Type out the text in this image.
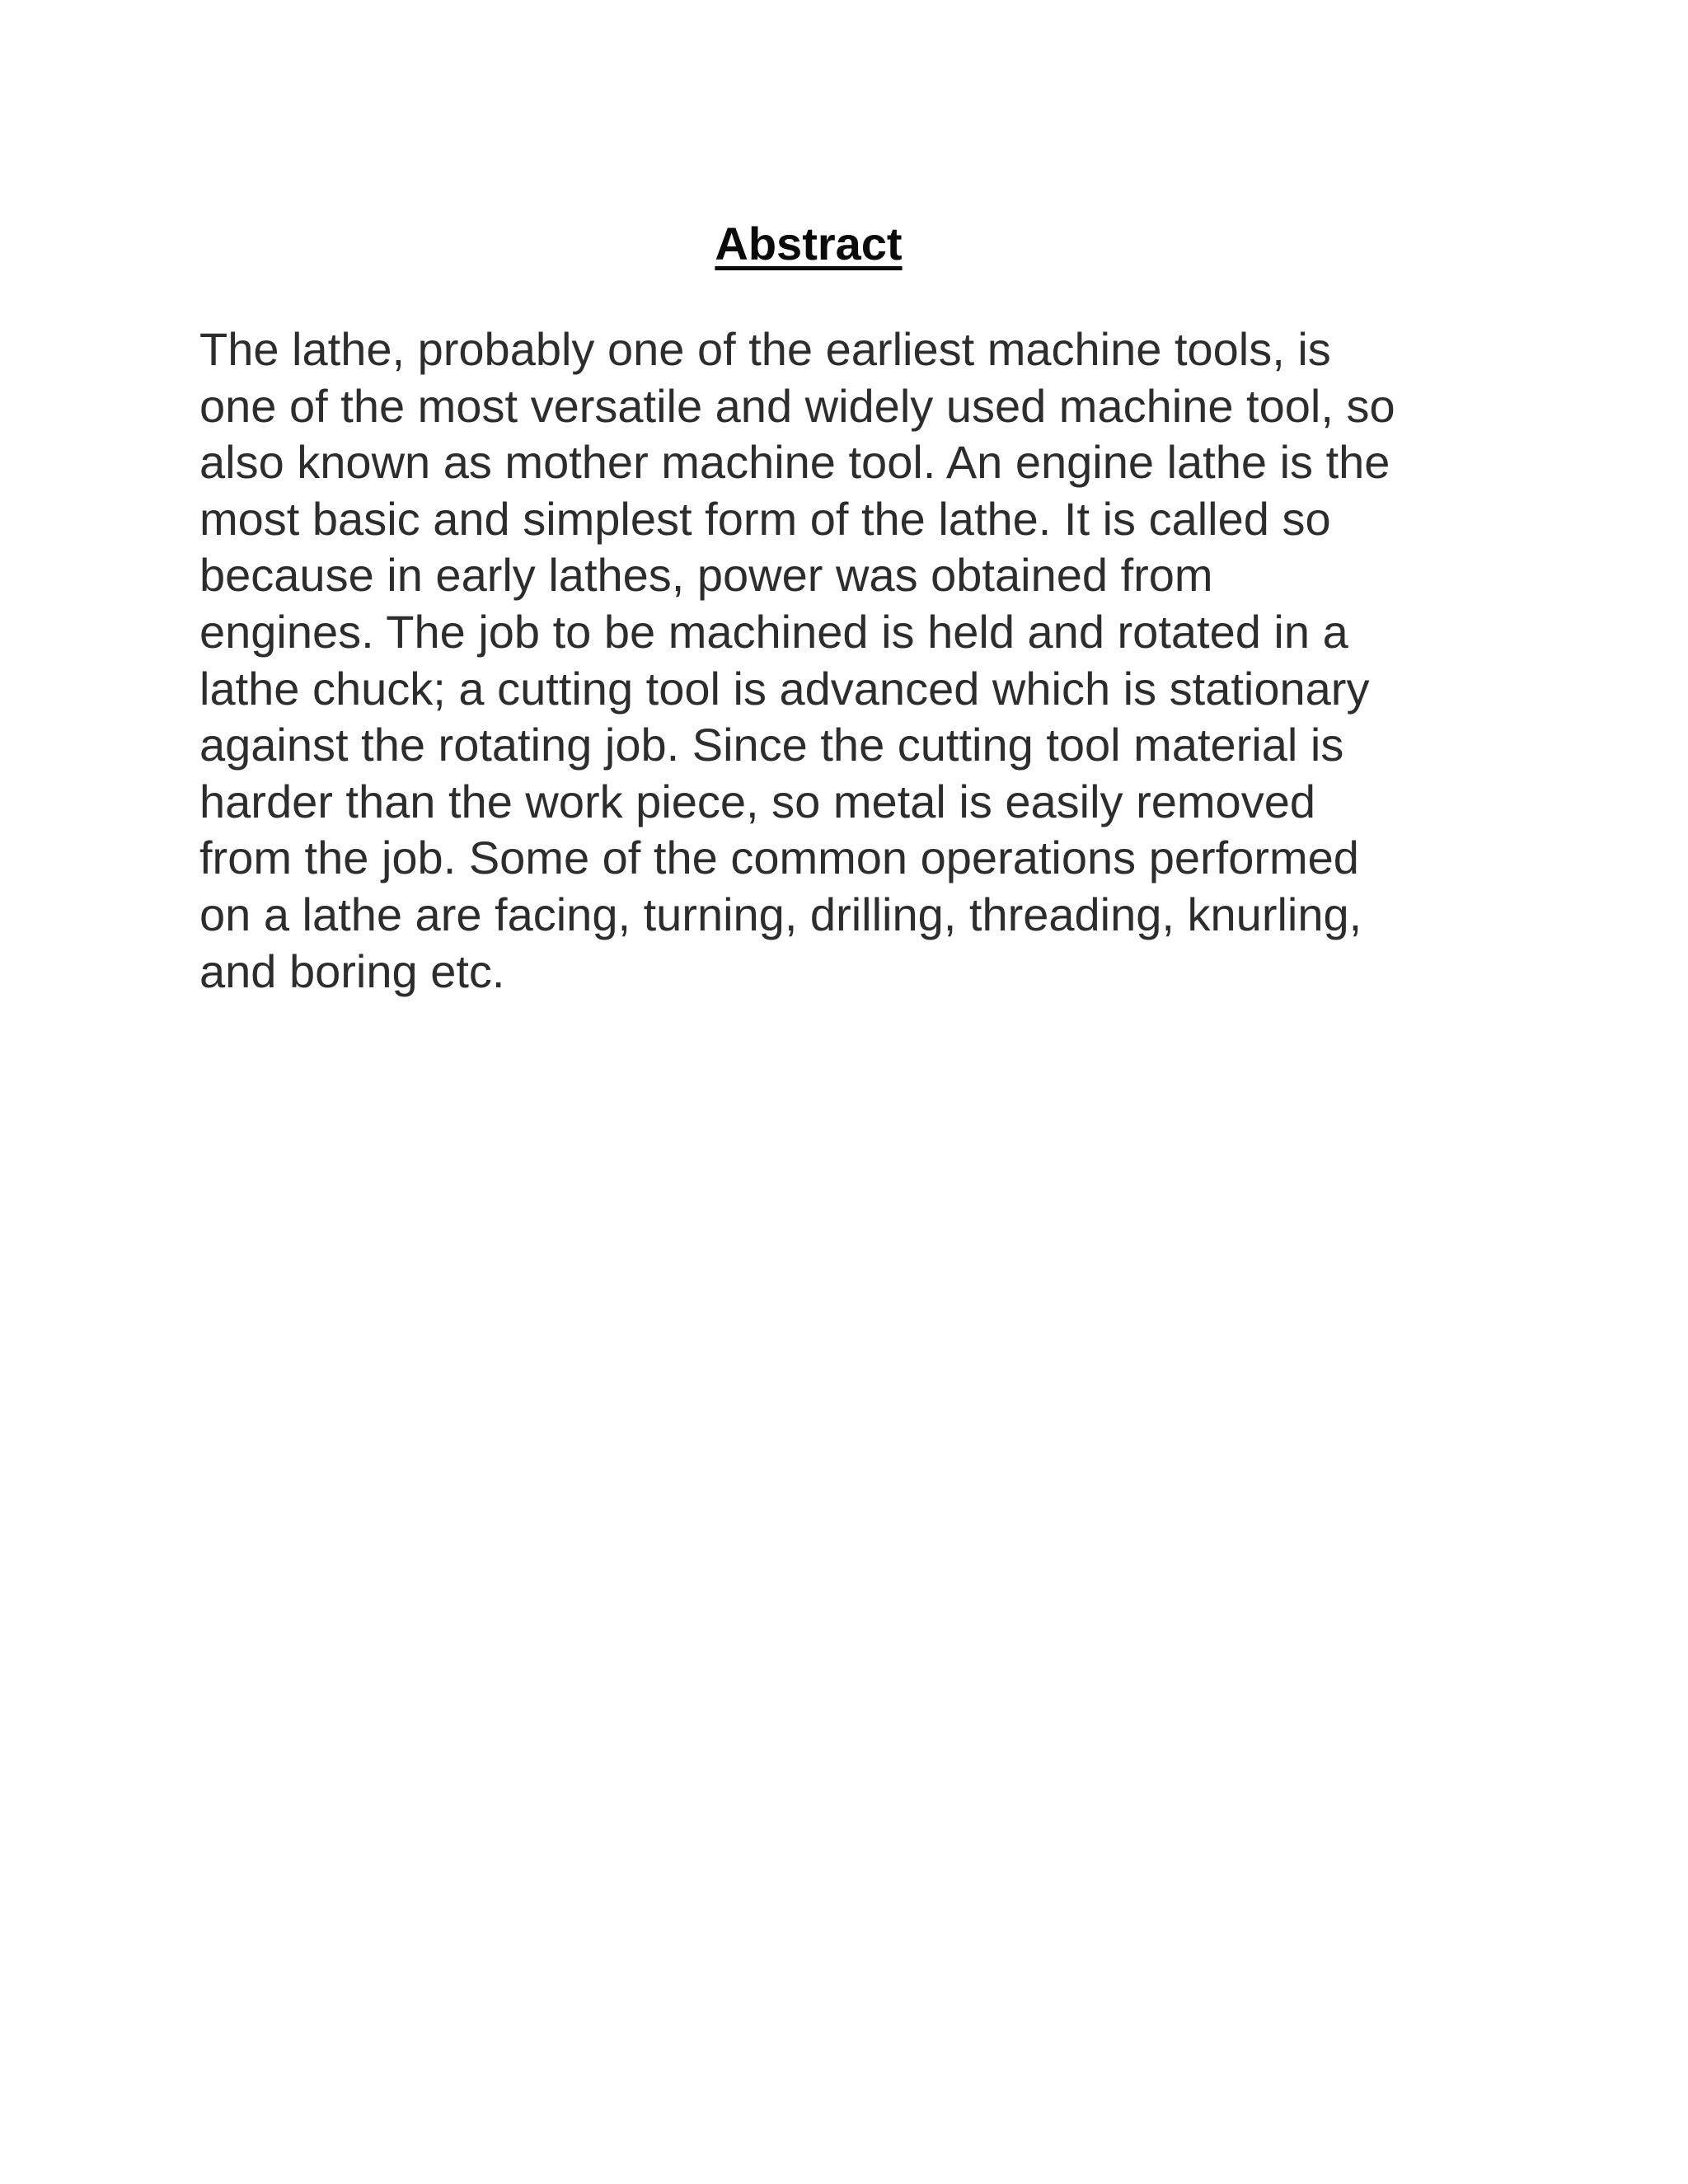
Abstract

The lathe, probably one of the earliest machine tools, is
one of the most versatile and widely used machine tool, so
also known as mother machine tool. An engine lathe is the
most basic and simplest form of the lathe. It is called so
because in early lathes, power was obtained from
engines. The job to be machined is held and rotated in a
lathe chuck; a cutting tool is advanced which is stationary
against the rotating job. Since the cutting tool material is
harder than the work piece, so metal is easily removed
from the job. Some of the common operations performed
on a lathe are facing, turning, drilling, threading, knurling,
and boring etc.
